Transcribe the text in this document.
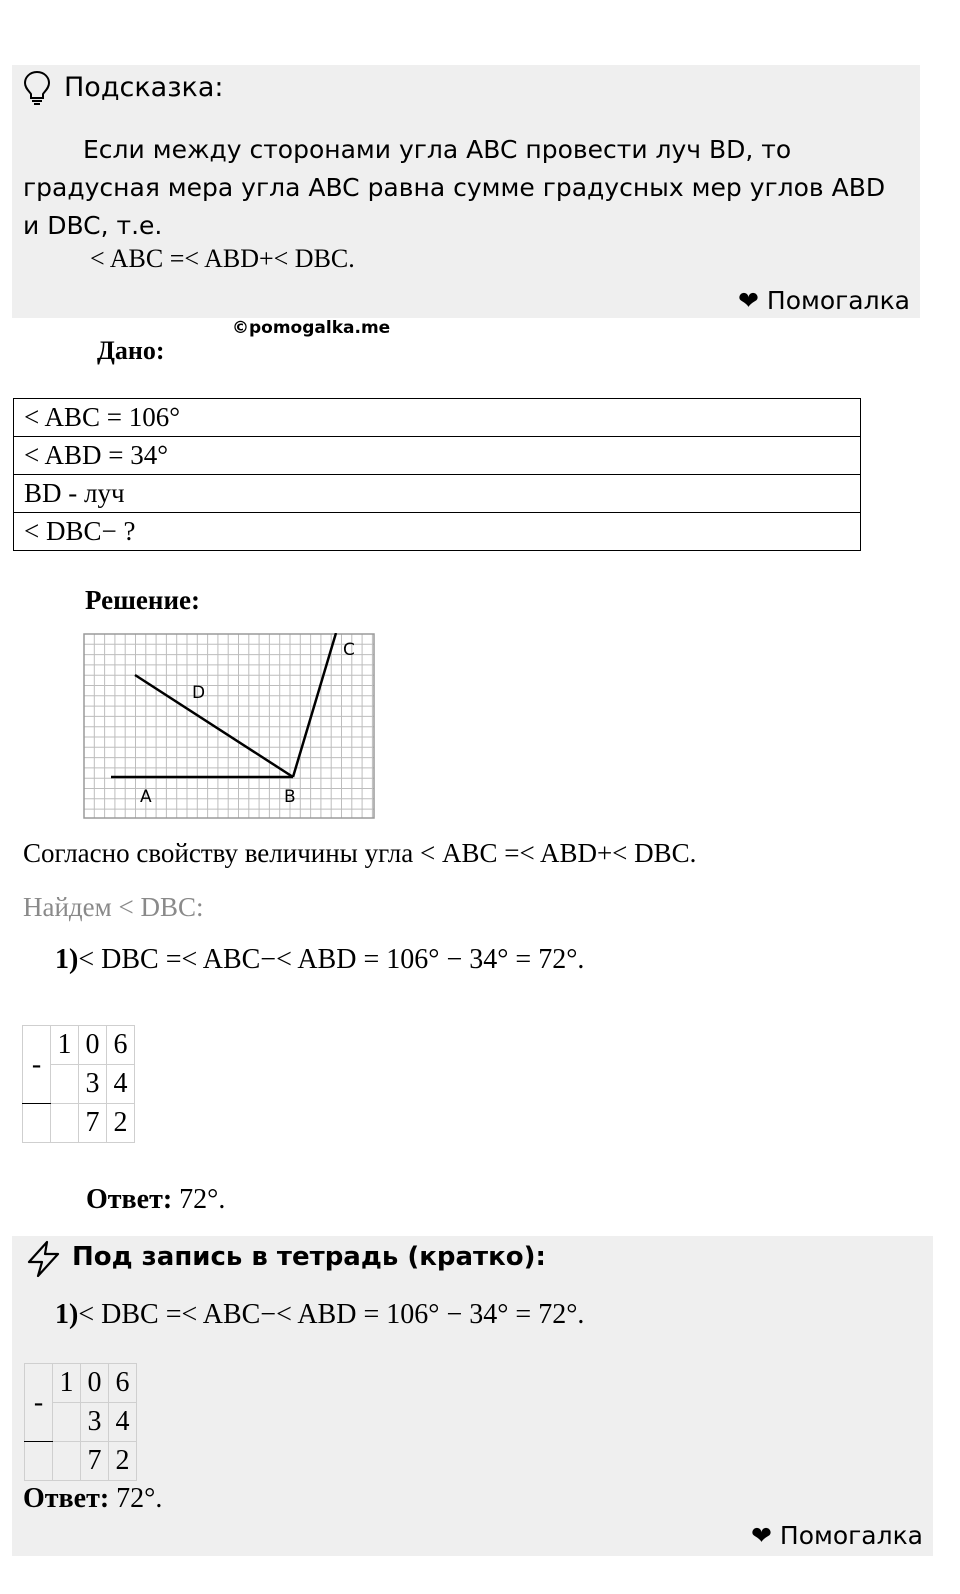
Подсказка:
Если между сторонами угла ABC провести луч BD, то градусная мера угла ABC равна сумме градусных мер углов ABD и DBC, т.е.
< ABC =< ABD+< DBC.
❤ Помогалка
©pomogalka.me
Дано:
< ABC = 106°
< ABD = 34°
BD - луч
< DBC− ?
Решение:
A	B
C
D
Согласно свойству величины угла < ABC =< ABD+< DBC.
Найдем < DBC:
1)< DBC =< ABC−< ABD = 106° − 34° = 72°.
-	1	0	6
		3	4
		7	2
Ответ: 72°.
Под запись в тетрадь (кратко):
1)< DBC =< ABC−< ABD = 106° − 34° = 72°.
-	1	0	6
		3	4
		7	2
Ответ: 72°.
❤ Помогалка
